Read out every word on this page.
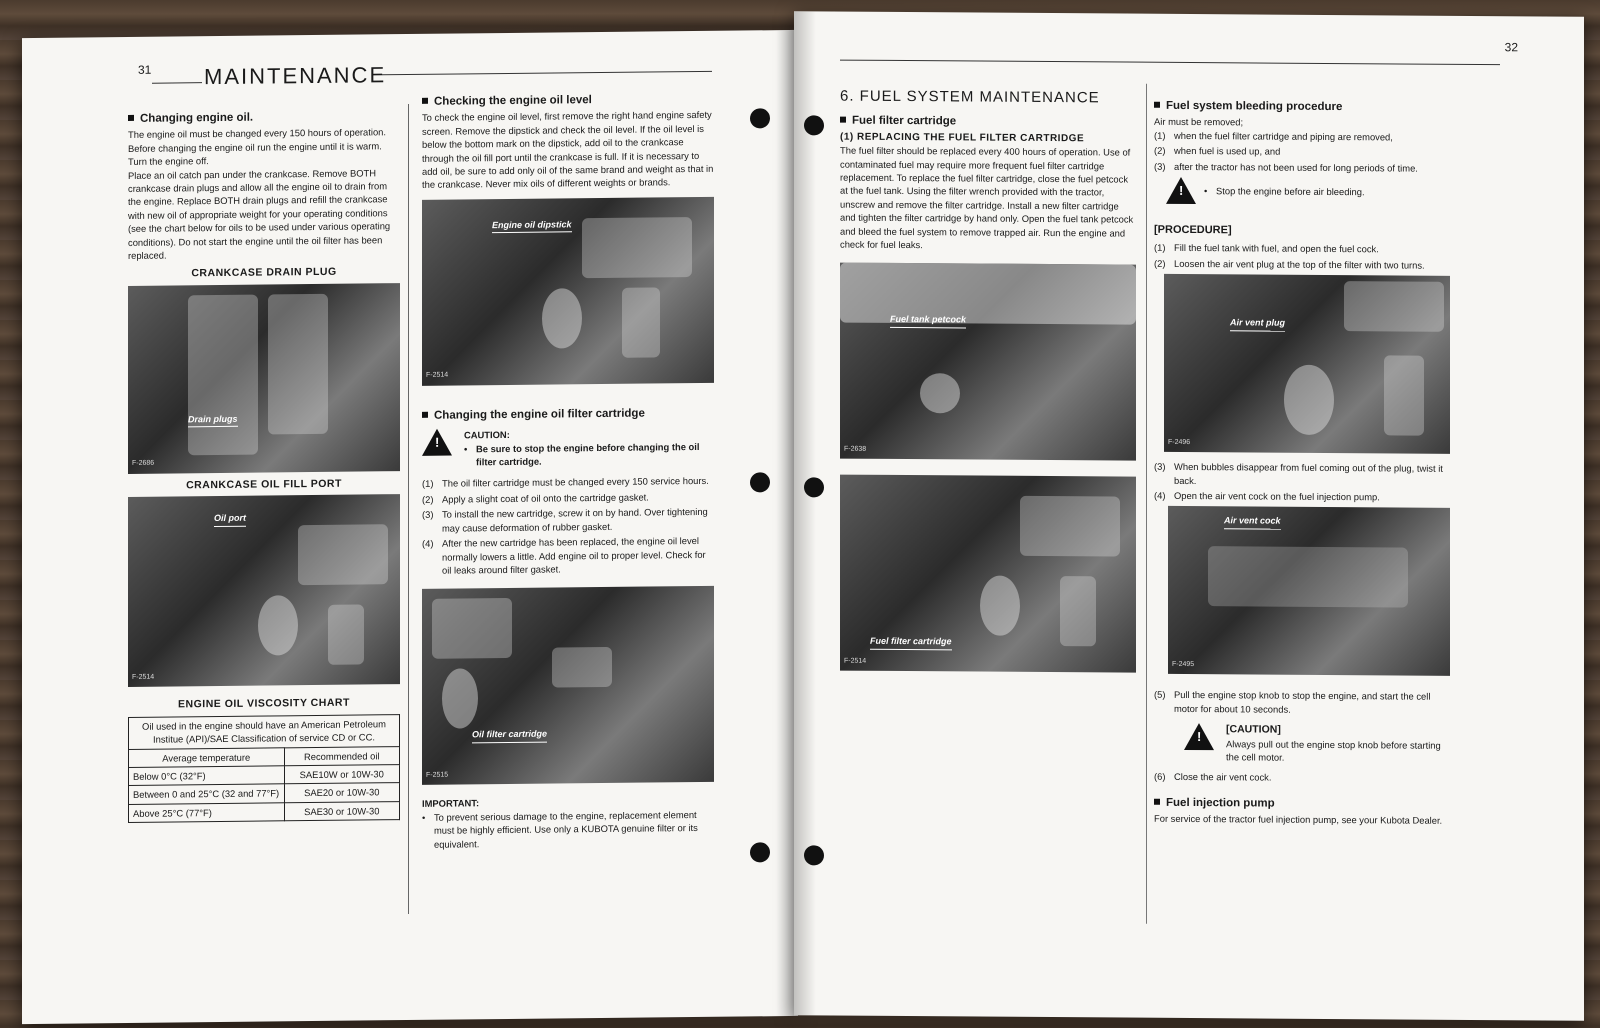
31 MAINTENANCE
Changing engine oil.

The engine oil must be changed every 150 hours of operation. Before changing the engine oil run the engine until it is warm. Turn the engine off.

Place an oil catch pan under the crankcase. Remove BOTH crankcase drain plugs and allow all the engine oil to drain from the engine. Replace BOTH drain plugs and refill the crankcase with new oil of appropriate weight for your operating conditions (see the chart below for oils to be used under various operating conditions). Do not start the engine until the oil filter has been replaced.

CRANKCASE DRAIN PLUG
Drain plugs
F-2686
CRANKCASE OIL FILL PORT
Oil port
F-2514
ENGINE OIL VISCOSITY CHART
Oil used in the engine should have an American Petroleum Institue (API)/SAE Classification of service CD or CC.	
Average temperature	Recommended oil
Below 0°C (32°F)	SAE10W or 10W-30
Between 0 and 25°C (32 and 77°F)	SAE20 or 10W-30
Above 25°C (77°F)	SAE30 or 10W-30
Checking the engine oil level

To check the engine oil level, first remove the right hand engine safety screen. Remove the dipstick and check the oil level. If the oil level is below the bottom mark on the dipstick, add oil to the crankcase through the oil fill port until the crankcase is full. If it is necessary to add oil, be sure to add only oil of the same brand and weight as that in the crankcase. Never mix oils of different weights or brands.

Engine oil dipstick
F-2514
Changing the engine oil filter cartridge
!	CAUTION:
• Be sure to stop the engine before changing the oil filter cartridge.
(1) The oil filter cartridge must be changed every 150 service hours.
(2) Apply a slight coat of oil onto the cartridge gasket.
(3) To install the new cartridge, screw it on by hand. Over tightening may cause deformation of rubber gasket.
(4) After the new cartridge has been replaced, the engine oil level normally lowers a little. Add engine oil to proper level. Check for oil leaks around filter gasket.
Oil filter cartridge
F-2515
IMPORTANT:
• To prevent serious damage to the engine, replacement element must be highly efficient. Use only a KUBOTA genuine filter or its equivalent.
32
6. FUEL SYSTEM MAINTENANCE
Fuel filter cartridge
(1) REPLACING THE FUEL FILTER CARTRIDGE

The fuel filter should be replaced every 400 hours of operation. Use of contaminated fuel may require more frequent fuel filter cartridge replacement. To replace the fuel filter cartridge, close the fuel petcock at the fuel tank. Using the filter wrench provided with the tractor, unscrew and remove the filter cartridge. Install a new filter cartridge and tighten the filter cartridge by hand only. Open the fuel tank petcock and bleed the fuel system to remove trapped air. Run the engine and check for fuel leaks.

Fuel tank petcock
F-2638
Fuel filter cartridge
F-2514
Fuel system bleeding procedure

Air must be removed;

(1) when the fuel filter cartridge and piping are removed,
(2) when fuel is used up, and
(3) after the tractor has not been used for long periods of time.
!	• Stop the engine before air bleeding.
[PROCEDURE]
(1) Fill the fuel tank with fuel, and open the fuel cock.
(2) Loosen the air vent plug at the top of the filter with two turns.
Air vent plug
F-2496
(3) When bubbles disappear from fuel coming out of the plug, twist it back.
(4) Open the air vent cock on the fuel injection pump.
Air vent cock
F-2495
(5) Pull the engine stop knob to stop the engine, and start the cell motor for about 10 seconds.
! [CAUTION]
Always pull out the engine stop knob before starting the cell motor.
(6) Close the air vent cock.
Fuel injection pump

For service of the tractor fuel injection pump, see your Kubota Dealer.
